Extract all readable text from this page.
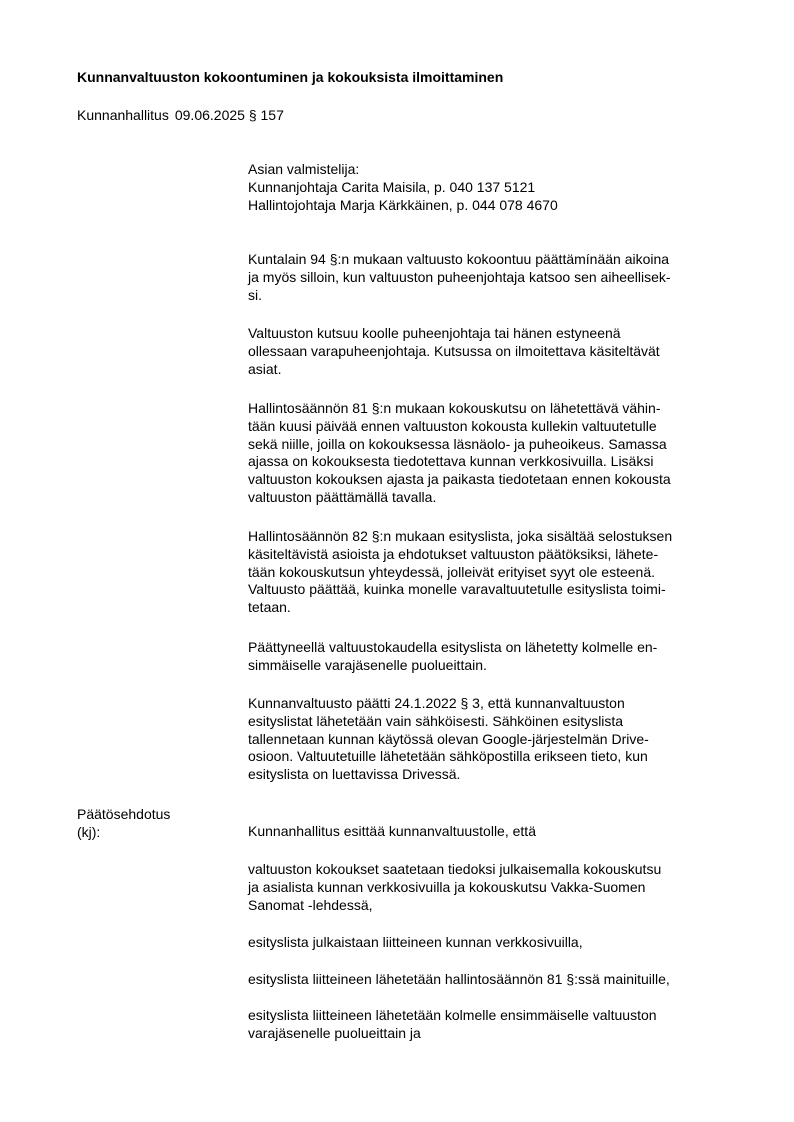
Kunnanvaltuuston kokoontuminen ja kokouksista ilmoittaminen
Kunnanhallitus 09.06.2025 § 157
Asian valmistelija:
Kunnanjohtaja Carita Maisila, p. 040 137 5121
Hallintojohtaja Marja Kärkkäinen, p. 044 078 4670
Kuntalain 94 §:n mukaan valtuusto kokoontuu päättämínään aikoina
ja myös silloin, kun valtuuston puheenjohtaja katsoo sen aiheellisek-
si.
Valtuuston kutsuu koolle puheenjohtaja tai hänen estyneenä
ollessaan varapuheenjohtaja. Kutsussa on ilmoitettava käsiteltävät
asiat.
Hallintosäännön 81 §:n mukaan kokouskutsu on lähetettävä vähin-
tään kuusi päivää ennen valtuuston kokousta kullekin valtuutetulle
sekä niille, joilla on kokouksessa läsnäolo- ja puheoikeus. Samassa
ajassa on kokouksesta tiedotettava kunnan verkkosivuilla. Lisäksi
valtuuston kokouksen ajasta ja paikasta tiedotetaan ennen kokousta
valtuuston päättämällä tavalla.
Hallintosäännön 82 §:n mukaan esityslista, joka sisältää selostuksen
käsiteltävistä asioista ja ehdotukset valtuuston päätöksiksi, lähete-
tään kokouskutsun yhteydessä, jolleivät erityiset syyt ole esteenä.
Valtuusto päättää, kuinka monelle varavaltuutetulle esityslista toimi-
tetaan.
Päättyneellä valtuustokaudella esityslista on lähetetty kolmelle en-
simmäiselle varajäsenelle puolueittain.
Kunnanvaltuusto päätti 24.1.2022 § 3, että kunnanvaltuuston
esityslistat lähetetään vain sähköisesti. Sähköinen esityslista
tallennetaan kunnan käytössä olevan Google-järjestelmän Drive-
osioon. Valtuutetuille lähetetään sähköpostilla erikseen tieto, kun
esityslista on luettavissa Drivessä.
Päätösehdotus
(kj):	Kunnanhallitus esittää kunnanvaltuustolle, että
valtuuston kokoukset saatetaan tiedoksi julkaisemalla kokouskutsu
ja asialista kunnan verkkosivuilla ja kokouskutsu Vakka-Suomen
Sanomat -lehdessä,
esityslista julkaistaan liitteineen kunnan verkkosivuilla,
esityslista liitteineen lähetetään hallintosäännön 81 §:ssä mainituille,
esityslista liitteineen lähetetään kolmelle ensimmäiselle valtuuston
varajäsenelle puolueittain ja
